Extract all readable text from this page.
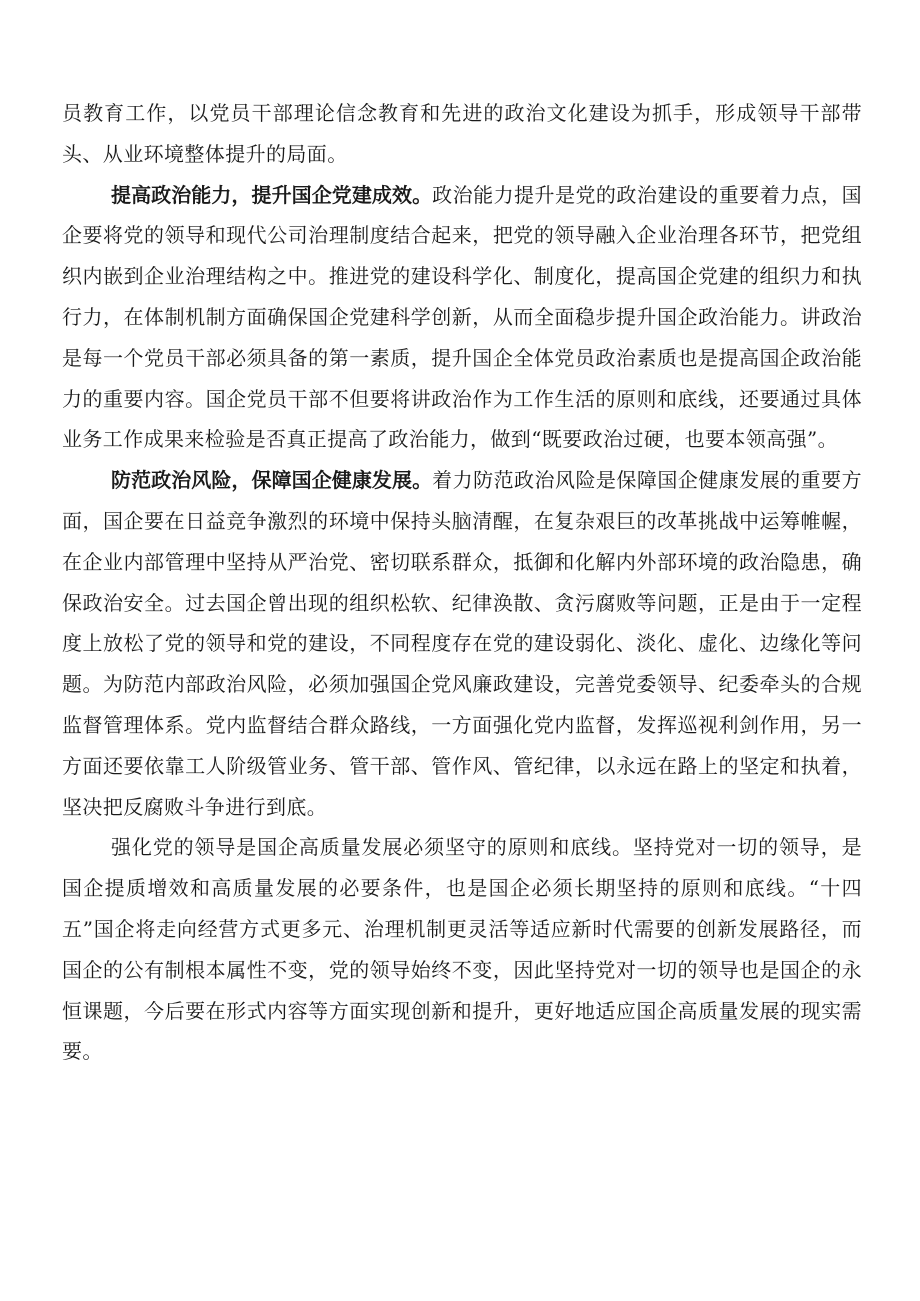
员教育工作，以党员干部理论信念教育和先进的政治文化建设为抓手，形成领导干部带头、从业环境整体提升的局面。

提高政治能力，提升国企党建成效。政治能力提升是党的政治建设的重要着力点，国企要将党的领导和现代公司治理制度结合起来，把党的领导融入企业治理各环节，把党组织内嵌到企业治理结构之中。推进党的建设科学化、制度化，提高国企党建的组织力和执行力，在体制机制方面确保国企党建科学创新，从而全面稳步提升国企政治能力。讲政治是每一个党员干部必须具备的第一素质，提升国企全体党员政治素质也是提高国企政治能力的重要内容。国企党员干部不但要将讲政治作为工作生活的原则和底线，还要通过具体业务工作成果来检验是否真正提高了政治能力，做到“既要政治过硬，也要本领高强”。

防范政治风险，保障国企健康发展。着力防范政治风险是保障国企健康发展的重要方面，国企要在日益竞争激烈的环境中保持头脑清醒，在复杂艰巨的改革挑战中运筹帷幄，在企业内部管理中坚持从严治党、密切联系群众，抵御和化解内外部环境的政治隐患，确保政治安全。过去国企曾出现的组织松软、纪律涣散、贪污腐败等问题，正是由于一定程度上放松了党的领导和党的建设，不同程度存在党的建设弱化、淡化、虚化、边缘化等问题。为防范内部政治风险，必须加强国企党风廉政建设，完善党委领导、纪委牵头的合规监督管理体系。党内监督结合群众路线，一方面强化党内监督，发挥巡视利剑作用，另一方面还要依靠工人阶级管业务、管干部、管作风、管纪律，以永远在路上的坚定和执着，坚决把反腐败斗争进行到底。

强化党的领导是国企高质量发展必须坚守的原则和底线。坚持党对一切的领导，是国企提质增效和高质量发展的必要条件，也是国企必须长期坚持的原则和底线。“十四五”国企将走向经营方式更多元、治理机制更灵活等适应新时代需要的创新发展路径，而国企的公有制根本属性不变，党的领导始终不变，因此坚持党对一切的领导也是国企的永恒课题，今后要在形式内容等方面实现创新和提升，更好地适应国企高质量发展的现实需要。
